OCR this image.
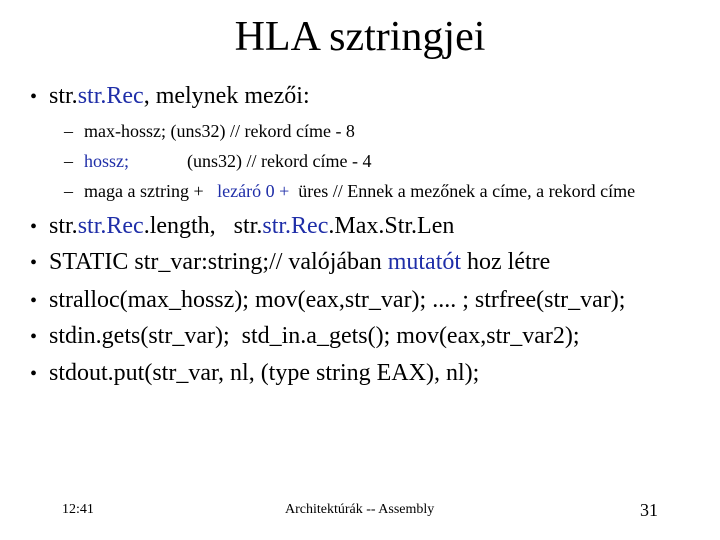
HLA sztringjei
• str.str.Rec, melynek mezői:
– max-hossz; (uns32) // rekord címe - 8
– hossz;	(uns32) // rekord címe - 4
– maga a sztring +   lezáró 0 +  üres // Ennek a mezőnek a címe, a rekord címe
• str.str.Rec.length,   str.str.Rec.Max.Str.Len
• STATIC str_var:string;// valójában mutatót hoz létre
• stralloc(max_hossz); mov(eax,str_var); .... ; strfree(str_var);
• stdin.gets(str_var);  std_in.a_gets(); mov(eax,str_var2);
• stdout.put(str_var, nl, (type string EAX), nl);
12:41	Architektúrák -- Assembly	31
